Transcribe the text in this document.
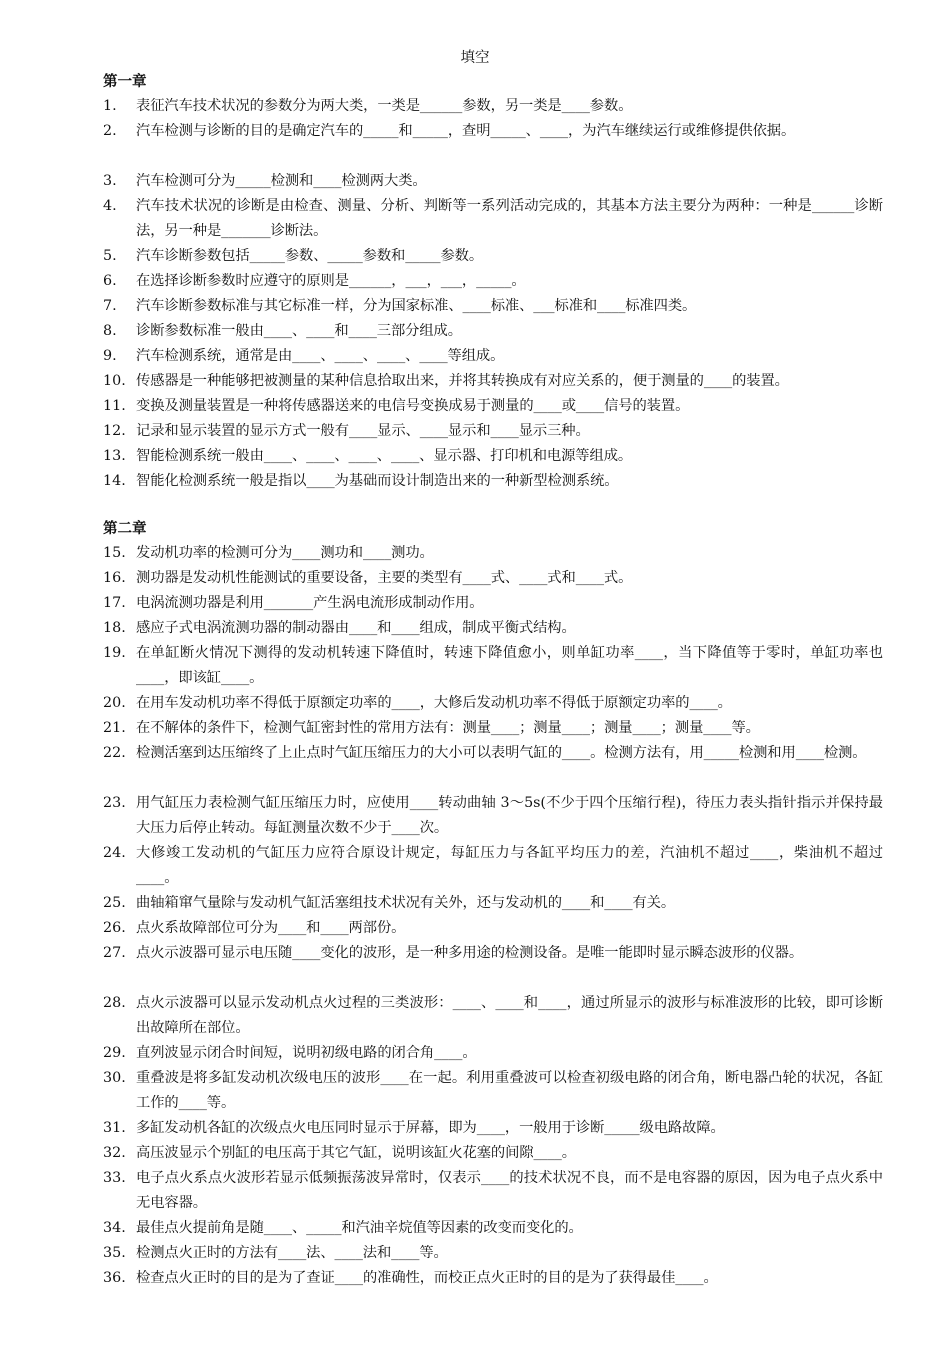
填空
第一章
1.	表征汽车技术状况的参数分为两大类，一类是______参数，另一类是____参数。
2.	汽车检测与诊断的目的是确定汽车的_____和_____，查明_____、____，为汽车继续运行或维修提供依据。
3.	汽车检测可分为_____检测和____检测两大类。
4.	汽车技术状况的诊断是由检查、测量、分析、判断等一系列活动完成的，其基本方法主要分为两种：一种是______诊断法，另一种是_______诊断法。
5.	汽车诊断参数包括_____参数、_____参数和_____参数。
6.	在选择诊断参数时应遵守的原则是______，___，___，_____。
7.	汽车诊断参数标准与其它标准一样，分为国家标准、____标准、___标准和____标准四类。
8.	诊断参数标准一般由____、____和____三部分组成。
9.	汽车检测系统，通常是由____、____、____、____等组成。
10. 传感器是一种能够把被测量的某种信息拾取出来，并将其转换成有对应关系的，便于测量的____的装置。
11. 变换及测量装置是一种将传感器送来的电信号变换成易于测量的____或____信号的装置。
12. 记录和显示装置的显示方式一般有____显示、____显示和____显示三种。
13. 智能检测系统一般由____、____、____、____、显示器、打印机和电源等组成。
14. 智能化检测系统一般是指以____为基础而设计制造出来的一种新型检测系统。
第二章
15. 发动机功率的检测可分为____测功和____测功。
16. 测功器是发动机性能测试的重要设备，主要的类型有____式、____式和____式。
17. 电涡流测功器是利用_______产生涡电流形成制动作用。
18. 感应子式电涡流测功器的制动器由____和____组成，制成平衡式结构。
19. 在单缸断火情况下测得的发动机转速下降值时，转速下降值愈小，则单缸功率____，当下降值等于零时，单缸功率也____，即该缸____。
20. 在用车发动机功率不得低于原额定功率的____，大修后发动机功率不得低于原额定功率的____。
21. 在不解体的条件下，检测气缸密封性的常用方法有：测量____；测量____；测量____；测量____等。
22. 检测活塞到达压缩终了上止点时气缸压缩压力的大小可以表明气缸的____。检测方法有，用_____检测和用____检测。
23. 用气缸压力表检测气缸压缩压力时，应使用____转动曲轴 3～5s(不少于四个压缩行程)，待压力表头指针指示并保持最大压力后停止转动。每缸测量次数不少于____次。
24. 大修竣工发动机的气缸压力应符合原设计规定，每缸压力与各缸平均压力的差，汽油机不超过____，柴油机不超过____。
25. 曲轴箱窜气量除与发动机气缸活塞组技术状况有关外，还与发动机的____和____有关。
26. 点火系故障部位可分为____和____两部份。
27. 点火示波器可显示电压随____变化的波形，是一种多用途的检测设备。是唯一能即时显示瞬态波形的仪器。
28. 点火示波器可以显示发动机点火过程的三类波形：____、____和____，通过所显示的波形与标准波形的比较，即可诊断出故障所在部位。
29. 直列波显示闭合时间短，说明初级电路的闭合角____。
30. 重叠波是将多缸发动机次级电压的波形____在一起。利用重叠波可以检查初级电路的闭合角，断电器凸轮的状况，各缸工作的____等。
31. 多缸发动机各缸的次级点火电压同时显示于屏幕，即为____，一般用于诊断_____级电路故障。
32. 高压波显示个别缸的电压高于其它气缸，说明该缸火花塞的间隙____。
33. 电子点火系点火波形若显示低频振荡波异常时，仅表示____的技术状况不良，而不是电容器的原因，因为电子点火系中无电容器。
34. 最佳点火提前角是随____、_____和汽油辛烷值等因素的改变而变化的。
35. 检测点火正时的方法有____法、____法和____等。
36. 检查点火正时的目的是为了查证____的准确性，而校正点火正时的目的是为了获得最佳____。
